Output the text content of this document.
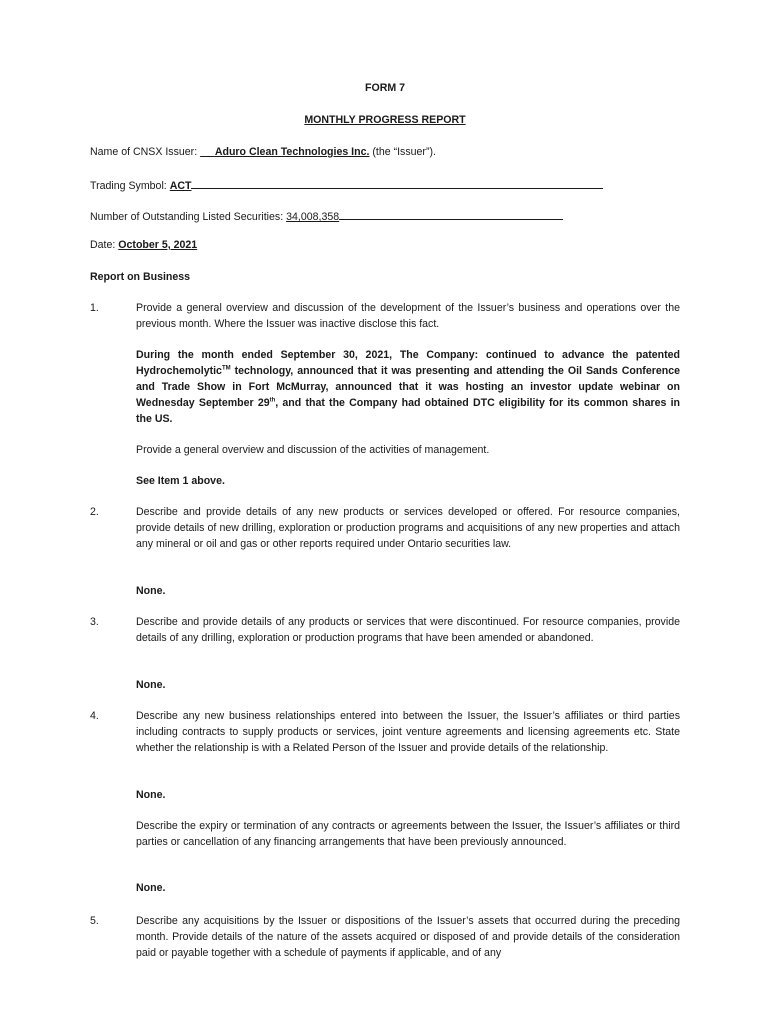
FORM 7
MONTHLY PROGRESS REPORT
Name of CNSX Issuer: Aduro Clean Technologies Inc. (the “Issuer”).
Trading Symbol: ACT
Number of Outstanding Listed Securities: 34,008,358
Date: October 5, 2021
Report on Business
1.	Provide a general overview and discussion of the development of the Issuer’s business and operations over the previous month. Where the Issuer was inactive disclose this fact.
During the month ended September 30, 2021, The Company: continued to advance the patented Hydrochemolytic™ technology, announced that it was presenting and attending the Oil Sands Conference and Trade Show in Fort McMurray, announced that it was hosting an investor update webinar on Wednesday September 29th, and that the Company had obtained DTC eligibility for its common shares in the US.
Provide a general overview and discussion of the activities of management.
See Item 1 above.
2.	Describe and provide details of any new products or services developed or offered. For resource companies, provide details of new drilling, exploration or production programs and acquisitions of any new properties and attach any mineral or oil and gas or other reports required under Ontario securities law.
None.
3.	Describe and provide details of any products or services that were discontinued. For resource companies, provide details of any drilling, exploration or production programs that have been amended or abandoned.
None.
4.	Describe any new business relationships entered into between the Issuer, the Issuer’s affiliates or third parties including contracts to supply products or services, joint venture agreements and licensing agreements etc. State whether the relationship is with a Related Person of the Issuer and provide details of the relationship.
None.
Describe the expiry or termination of any contracts or agreements between the Issuer, the Issuer’s affiliates or third parties or cancellation of any financing arrangements that have been previously announced.
None.
5.	Describe any acquisitions by the Issuer or dispositions of the Issuer’s assets that occurred during the preceding month. Provide details of the nature of the assets acquired or disposed of and provide details of the consideration paid or payable together with a schedule of payments if applicable, and of any
